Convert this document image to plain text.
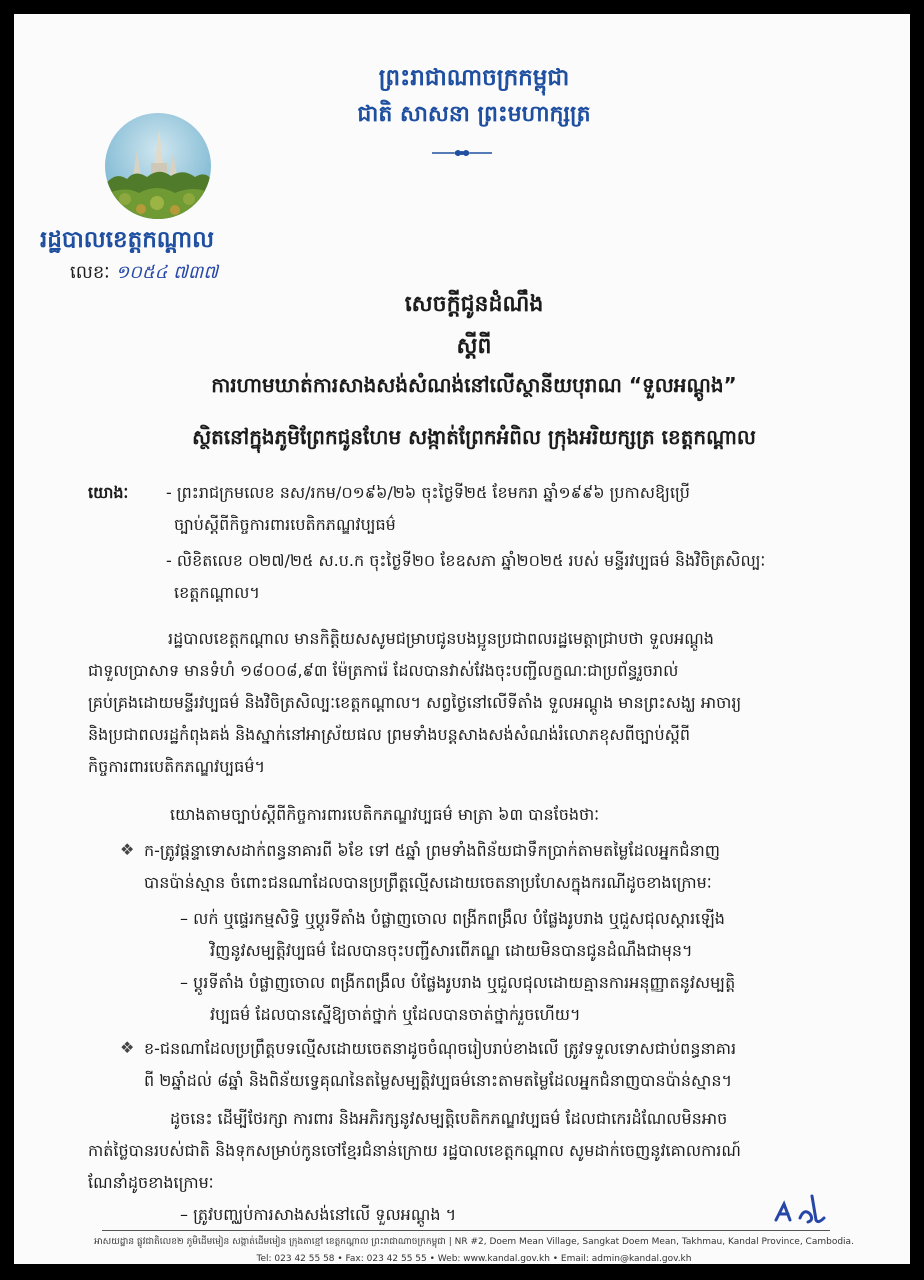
ព្រះរាជាណាចក្រកម្ពុជា

ជាតិ សាសនា ព្រះមហាក្សត្រ

រដ្ឋបាលខេត្តកណ្តាល

លេខៈ ១០៥៤ ៧៣៧

សេចក្តីជូនដំណឹង

ស្តីពី

ការហាមឃាត់ការសាងសង់សំណង់នៅលើស្ថានីយបុរាណ “ទួលអណ្តូង”

ស្ថិតនៅក្នុងភូមិព្រែកជូនហែម សង្កាត់ព្រែកអំពិល ក្រុងអរិយក្សត្រ ខេត្តកណ្តាល

យោងៈ - ព្រះរាជក្រមលេខ នស/រកម/០១៩៦/២៦ ចុះថ្ងៃទី២៥ ខែមករា ឆ្នាំ១៩៩៦ ប្រកាសឱ្យប្រើ

ច្បាប់ស្តីពីកិច្ចការពារបេតិកភណ្ឌវប្បធម៌

- លិខិតលេខ ០២៧/២៥ ស.ប.ក ចុះថ្ងៃទី២០ ខែឧសភា ឆ្នាំ២០២៥ របស់ មន្ទីរវប្បធម៌ និងវិចិត្រសិល្បៈ

ខេត្តកណ្តាល។

រដ្ឋបាលខេត្តកណ្តាល មានកិត្តិយសសូមជម្រាបជូនបងប្អូនប្រជាពលរដ្ឋមេត្តាជ្រាបថា ទួលអណ្តូង

ជាទួលប្រាសាទ មានទំហំ ១៨០០៨,៩៣ ម៉ែត្រការ៉េ ដែលបានវាស់វែងចុះបញ្ជីលក្ខណៈជាប្រព័ន្ធរួចរាល់

គ្រប់គ្រងដោយមន្ទីរវប្បធម៌ និងវិចិត្រសិល្បៈខេត្តកណ្តាល។ សព្វថ្ងៃនៅលើទីតាំង ទួលអណ្តូង មានព្រះសង្ឃ អាចារ្យ

និងប្រជាពលរដ្ឋកំពុងគង់ និងស្នាក់នៅអាស្រ័យផល ព្រមទាំងបន្តសាងសង់សំណង់រំលោភខុសពីច្បាប់ស្តីពី

កិច្ចការពារបេតិកភណ្ឌវប្បធម៌។

យោងតាមច្បាប់ស្តីពីកិច្ចការពារបេតិកភណ្ឌវប្បធម៌ មាត្រា ៦៣ បានចែងថាៈ

❖ ក-ត្រូវផ្តន្ទាទោសដាក់ពន្ធនាគារពី ៦ខែ ទៅ ៥ឆ្នាំ ព្រមទាំងពិន័យជាទឹកប្រាក់តាមតម្លៃដែលអ្នកជំនាញ

បានប៉ាន់ស្មាន ចំពោះជនណាដែលបានប្រព្រឹត្តល្មើសដោយចេតនាប្រហែសក្នុងករណីដូចខាងក្រោមៈ

– លក់ ឬផ្ទេរកម្មសិទ្ធិ ឬប្តូរទីតាំង បំផ្លាញចោល ពង្រីកពង្រឹល បំផ្លែងរូបរាង ឬជួសជុលស្តារឡើង

វិញនូវសម្បត្តិវប្បធម៌ ដែលបានចុះបញ្ជីសារពើភណ្ឌ ដោយមិនបានជូនដំណឹងជាមុន។

– ប្តូរទីតាំង បំផ្លាញចោល ពង្រីកពង្រឹល បំផ្លែងរូបរាង ឬជួលជុលដោយគ្មានការអនុញ្ញាតនូវសម្បត្តិ

វប្បធម៌ ដែលបានស្នើឱ្យចាត់ថ្នាក់ ឬដែលបានចាត់ថ្នាក់រួចហើយ។

❖ ខ-ជនណាដែលប្រព្រឹត្តបទល្មើសដោយចេតនាដូចចំណុចរៀបរាប់ខាងលើ ត្រូវទទួលទោសជាប់ពន្ធនាគារ

ពី ២ឆ្នាំដល់ ៨ឆ្នាំ និងពិន័យទ្វេគុណនៃតម្លៃសម្បត្តិវប្បធម៌នោះតាមតម្លៃដែលអ្នកជំនាញបានប៉ាន់ស្មាន។

ដូចនេះ ដើម្បីថែរក្សា ការពារ និងអភិរក្សនូវសម្បត្តិបេតិកភណ្ឌវប្បធម៌ ដែលជាកេរដំណែលមិនអាច

កាត់ថ្លៃបានរបស់ជាតិ និងទុកសម្រាប់កូនចៅខ្មែរជំនាន់ក្រោយ រដ្ឋបាលខេត្តកណ្តាល សូមដាក់ចេញនូវគោលការណ៍

ណែនាំដូចខាងក្រោមៈ

– ត្រូវបញ្ឈប់ការសាងសង់នៅលើ ទួលអណ្តូង ។

អាសយដ្ឋាន ផ្លូវជាតិលេខ២ ភូមិដើមមៀន សង្កាត់ដើមមៀន ក្រុងតាខ្មៅ ខេត្តកណ្តាល ព្រះរាជាណាចក្រកម្ពុជា | NR #2, Doem Mean Village, Sangkat Doem Mean, Takhmau, Kandal Province, Cambodia.

Tel: 023 42 55 58 • Fax: 023 42 55 55 • Web: www.kandal.gov.kh • Email: admin@kandal.gov.kh
